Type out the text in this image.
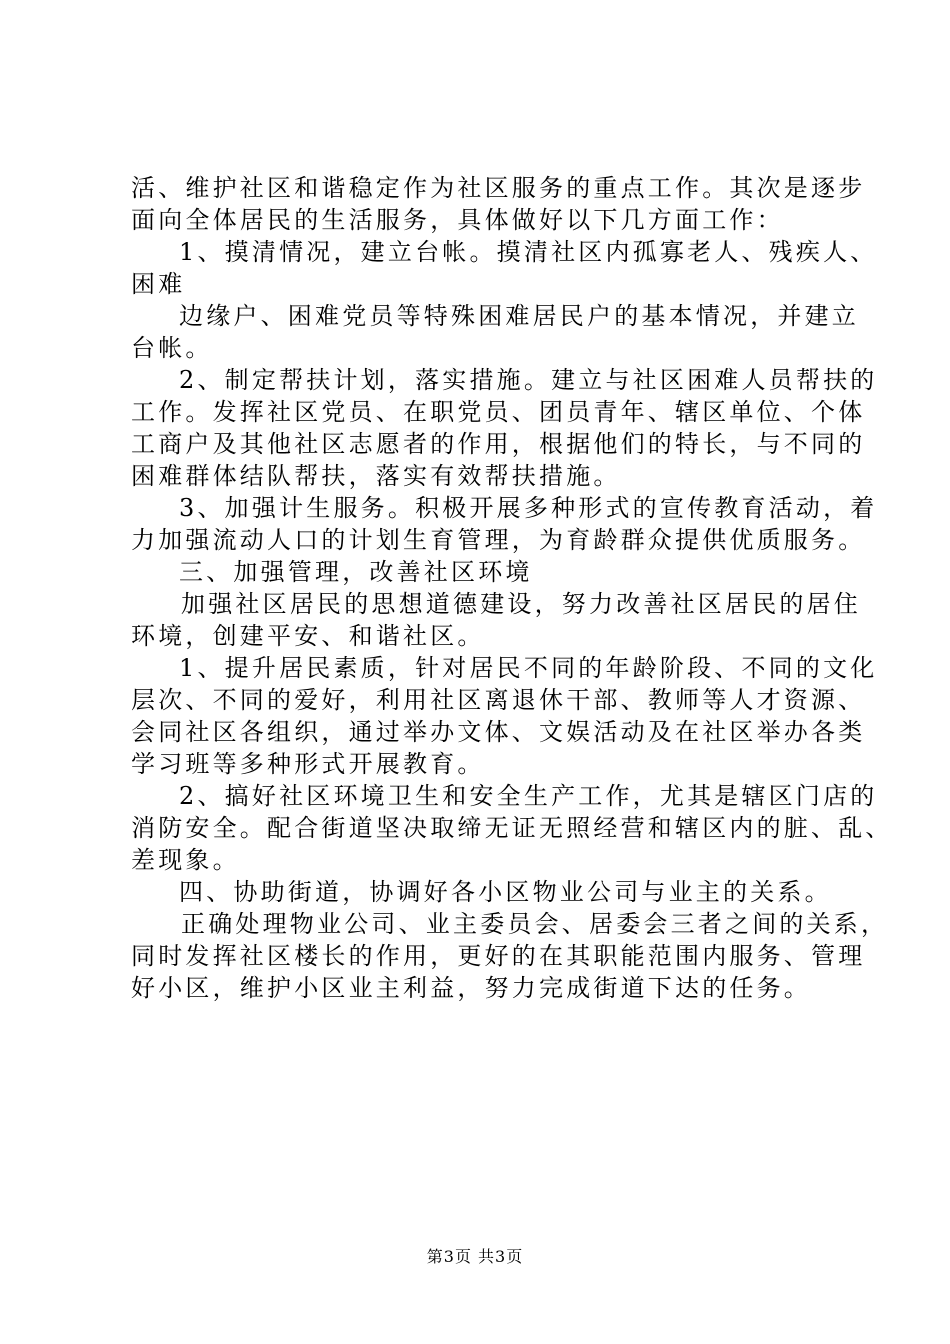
活、维护社区和谐稳定作为社区服务的重点工作。其次是逐步
面向全体居民的生活服务，具体做好以下几方面工作：
1、摸清情况，建立台帐。摸清社区内孤寡老人、残疾人、
困难
边缘户、困难党员等特殊困难居民户的基本情况，并建立
台帐。
2、制定帮扶计划，落实措施。建立与社区困难人员帮扶的
工作。发挥社区党员、在职党员、团员青年、辖区单位、个体
工商户及其他社区志愿者的作用，根据他们的特长，与不同的
困难群体结队帮扶，落实有效帮扶措施。
3、加强计生服务。积极开展多种形式的宣传教育活动，着
力加强流动人口的计划生育管理，为育龄群众提供优质服务。
三、加强管理，改善社区环境
加强社区居民的思想道德建设，努力改善社区居民的居住
环境，创建平安、和谐社区。
1、提升居民素质，针对居民不同的年龄阶段、不同的文化
层次、不同的爱好，利用社区离退休干部、教师等人才资源、
会同社区各组织，通过举办文体、文娱活动及在社区举办各类
学习班等多种形式开展教育。
2、搞好社区环境卫生和安全生产工作，尤其是辖区门店的
消防安全。配合街道坚决取缔无证无照经营和辖区内的脏、乱、
差现象。
四、协助街道，协调好各小区物业公司与业主的关系。
正确处理物业公司、业主委员会、居委会三者之间的关系，
同时发挥社区楼长的作用，更好的在其职能范围内服务、管理
好小区，维护小区业主利益，努力完成街道下达的任务。
第3页 共3页
